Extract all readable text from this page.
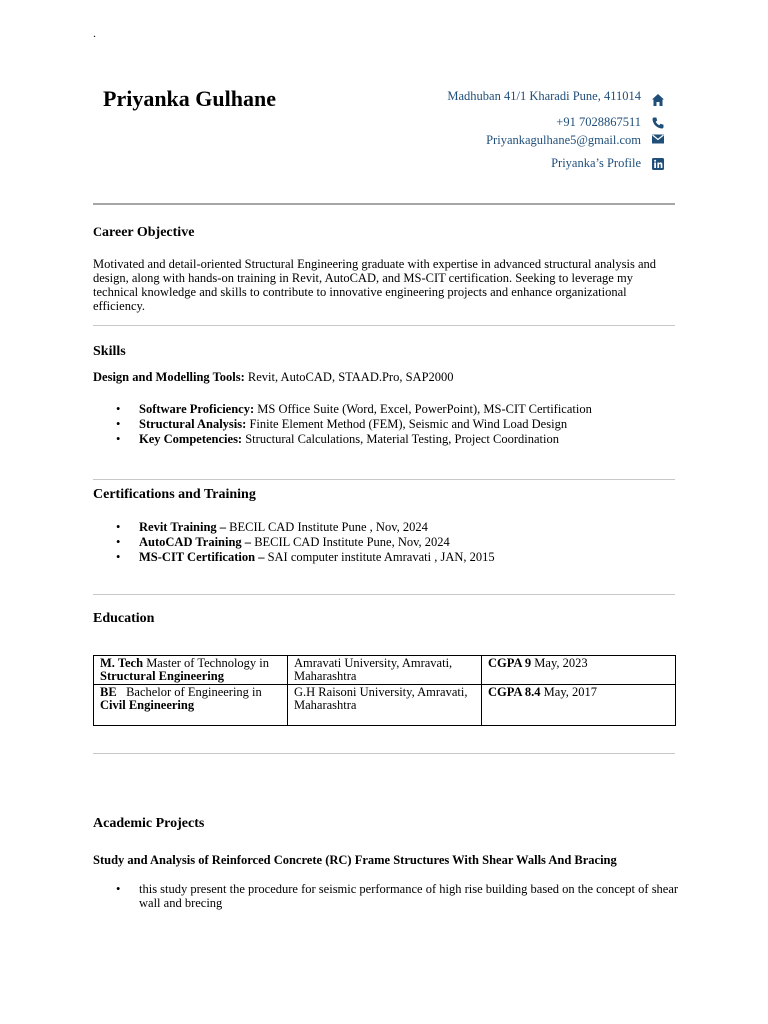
.
Priyanka Gulhane	Madhuban 41/1 Kharadi Pune, 411014
+91 7028867511
Priyankagulhane5@gmail.com
Priyanka’s Profile
Career Objective
Motivated and detail-oriented Structural Engineering graduate with expertise in advanced structural analysis and design, along with hands-on training in Revit, AutoCAD, and MS-CIT certification. Seeking to leverage my technical knowledge and skills to contribute to innovative engineering projects and enhance organizational efficiency.
Skills
Design and Modelling Tools: Revit, AutoCAD, STAAD.Pro, SAP2000
• Software Proficiency: MS Office Suite (Word, Excel, PowerPoint), MS-CIT Certification
• Structural Analysis: Finite Element Method (FEM), Seismic and Wind Load Design
• Key Competencies: Structural Calculations, Material Testing, Project Coordination
Certifications and Training
• Revit Training – BECIL CAD Institute Pune , Nov, 2024
• AutoCAD Training – BECIL CAD Institute Pune, Nov, 2024
• MS-CIT Certification – SAI computer institute Amravati , JAN, 2015
Education
M. Tech Master of Technology in
Structural Engineering	Amravati University, Amravati, Maharashtra	CGPA 9 May, 2023
BE   Bachelor of Engineering in
Civil Engineering	G.H Raisoni University, Amravati, Maharashtra	CGPA 8.4 May, 2017
Academic Projects
Study and Analysis of Reinforced Concrete (RC) Frame Structures With Shear Walls And Bracing
• this study present the procedure for seismic performance of high rise building based on the concept of shear wall and brecing
